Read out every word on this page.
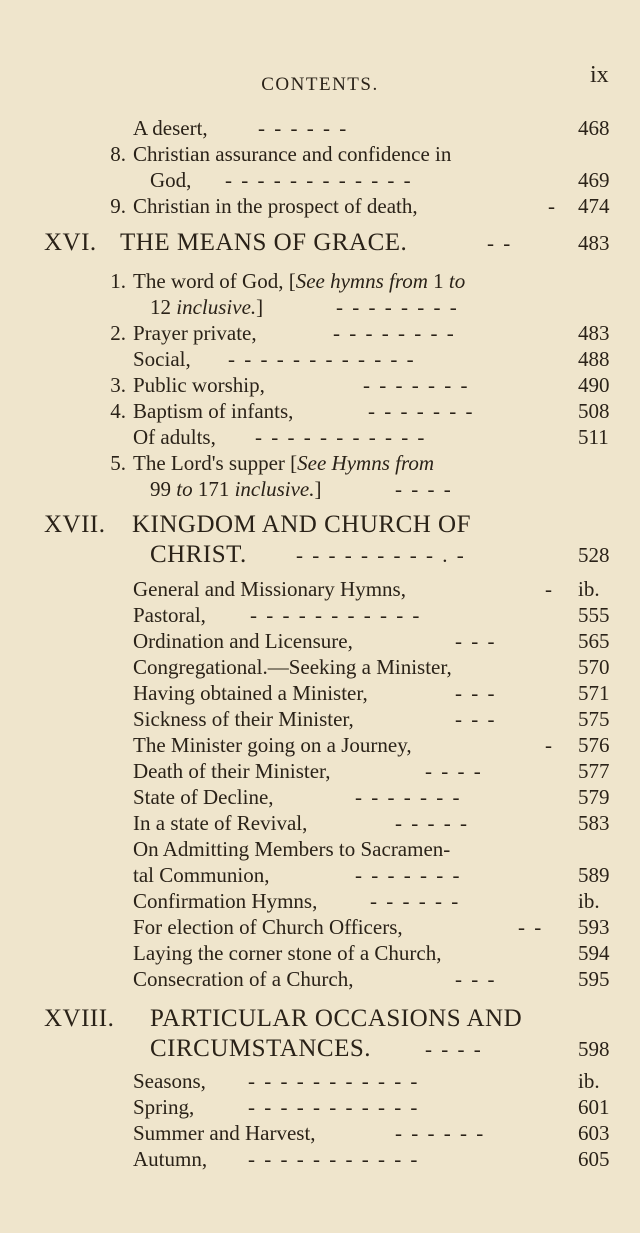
CONTENTS.	ix
A desert, - - - - - -	468
8. Christian assurance and confidence in
God, - - - - - - - - - - - -	469
9. Christian in the prospect of death,	- 474
XVI. THE MEANS OF GRACE.	- -	483
1. The word of God, [See hymns from 1 to
12 inclusive.]	- - - - - - - -
2. Prayer private,	- - - - - - - -	483
Social, - - - - - - - - - - - -	488
3. Public worship,	- - - - - - -	490
4. Baptism of infants,	- - - - - - -	508
Of adults, - - - - - - - - - - -	511
5. The Lord's supper [See Hymns from
99 to 171 inclusive.]	- - - -
XVII.	KINGDOM AND CHURCH OF
CHRIST. - - - - - - - - - . -	528
General and Missionary Hymns,	- ib.
Pastoral, - - - - - - - - - - -	555
Ordination and Licensure,	- - -	565
Congregational.—Seeking a Minister,	570
Having obtained a Minister,	- - -	571
Sickness of their Minister,	- - -	575
The Minister going on a Journey,	- 576
Death of their Minister,	- - - -	577
State of Decline,	- - - - - - -	579
In a state of Revival,	- - - - -	583
On Admitting Members to Sacramen-
tal Communion,	- - - - - - -	589
Confirmation Hymns,	- - - - - -	ib.
For election of Church Officers,	- - 593
Laying the corner stone of a Church,	594
Consecration of a Church,	- - -	595
XVIII.	PARTICULAR OCCASIONS AND
CIRCUMSTANCES.	- - - -	598
Seasons, - - - - - - - - - - -	ib.
Spring,	- - - - - - - - - - -	601
Summer and Harvest,	- - - - - -	603
Autumn, - - - - - - - - - - -	605
